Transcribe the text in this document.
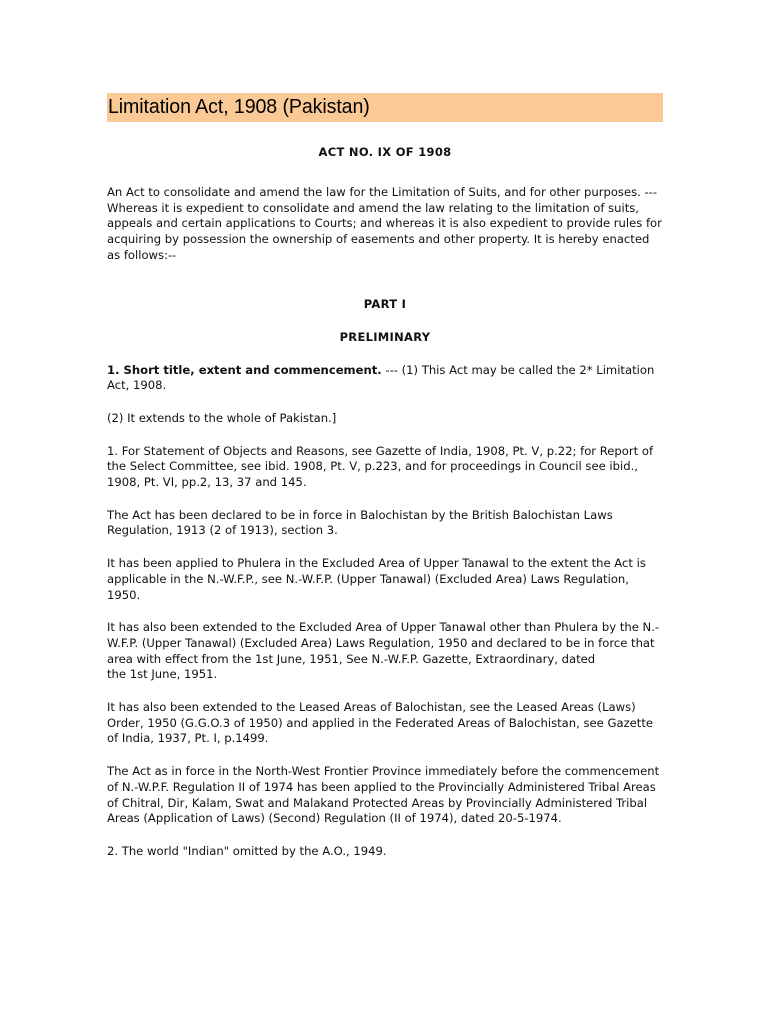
Limitation Act, 1908 (Pakistan)
ACT NO. IX OF 1908

An Act to consolidate and amend the law for the Limitation of Suits, and for other purposes. --- Whereas it is expedient to consolidate and amend the law relating to the limitation of suits, appeals and certain applications to Courts; and whereas it is also expedient to provide rules for acquiring by possession the ownership of easements and other property. It is hereby enacted as follows:--

PART I
PRELIMINARY

1. Short title, extent and commencement. --- (1) This Act may be called the 2* Limitation Act, 1908.

(2) It extends to the whole of Pakistan.]

1. For Statement of Objects and Reasons, see Gazette of India, 1908, Pt. V, p.22; for Report of the Select Committee, see ibid. 1908, Pt. V, p.223, and for proceedings in Council see ibid., 1908, Pt. VI, pp.2, 13, 37 and 145.

The Act has been declared to be in force in Balochistan by the British Balochistan Laws Regulation, 1913 (2 of 1913), section 3.

It has been applied to Phulera in the Excluded Area of Upper Tanawal to the extent the Act is applicable in the N.-W.F.P., see N.-W.F.P. (Upper Tanawal) (Excluded Area) Laws Regulation, 1950.

It has also been extended to the Excluded Area of Upper Tanawal other than Phulera by the N.-W.F.P. (Upper Tanawal) (Excluded Area) Laws Regulation, 1950 and declared to be in force that area with effect from the 1st June, 1951, See N.-W.F.P. Gazette, Extraordinary, dated

the 1st June, 1951.

It has also been extended to the Leased Areas of Balochistan, see the Leased Areas (Laws) Order, 1950 (G.G.O.3 of 1950) and applied in the Federated Areas of Balochistan, see Gazette of India, 1937, Pt. I, p.1499.

The Act as in force in the North-West Frontier Province immediately before the commencement of N.-W.P.F. Regulation II of 1974 has been applied to the Provincially Administered Tribal Areas of Chitral, Dir, Kalam, Swat and Malakand Protected Areas by Provincially Administered Tribal Areas (Application of Laws) (Second) Regulation (II of 1974), dated 20-5-1974.

2. The world "Indian" omitted by the A.O., 1949.
